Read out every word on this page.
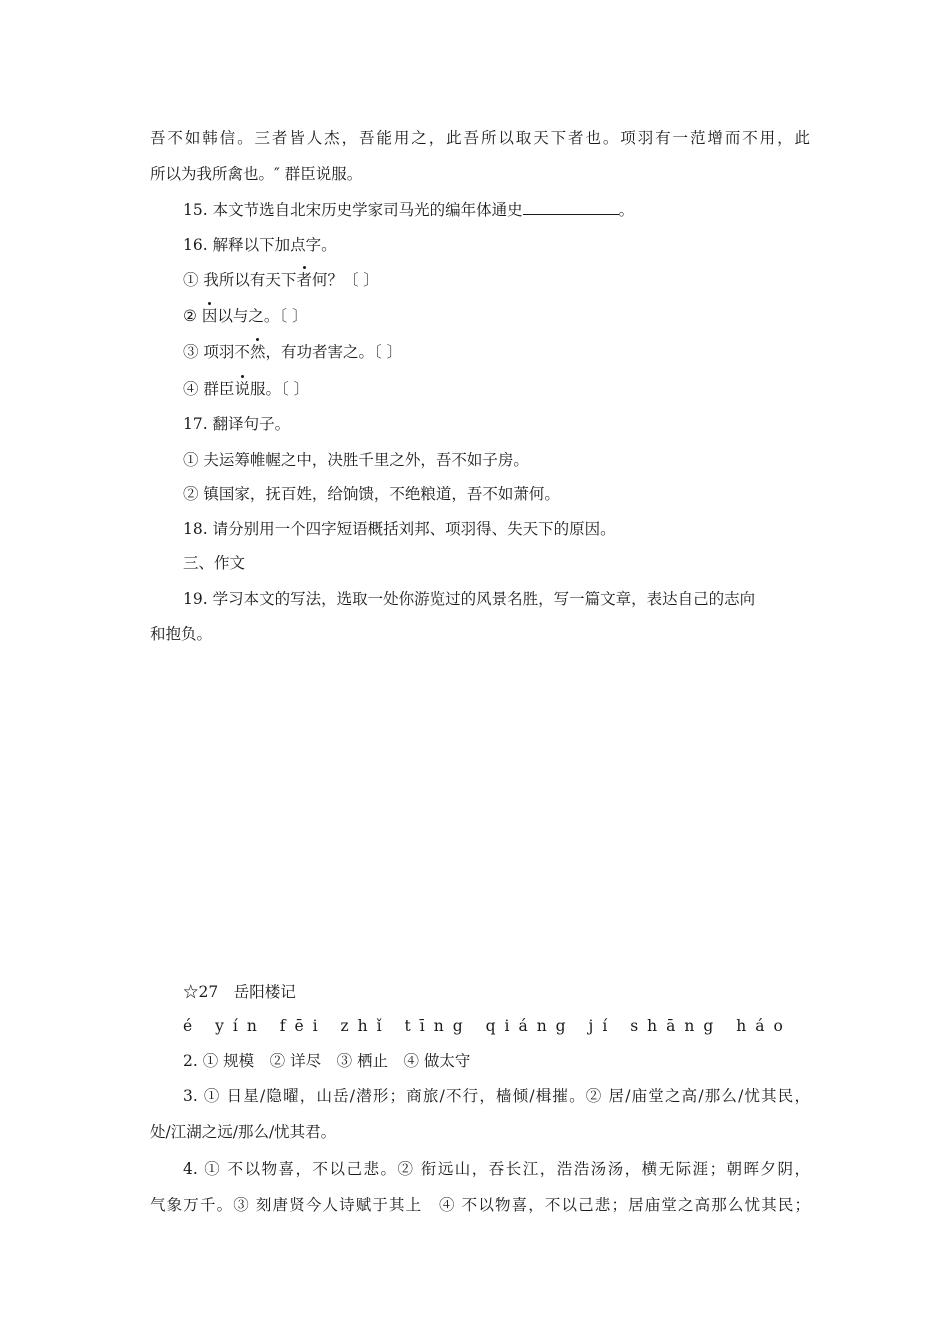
吾不如韩信。三者皆人杰，吾能用之，此吾所以取天下者也。项羽有一范增而不用，此
所以为我所禽也。″ 群臣说服。
15. 本文节选自北宋历史学家司马光的编年体通史	。
16. 解释以下加点字。
① 我所以有天下者何？〔 〕
② 因以与之。〔 〕
③ 项羽不然，有功者害之。〔 〕
④ 群臣说服。〔 〕
17. 翻译句子。
① 夫运筹帷幄之中，决胜千里之外，吾不如子房。
② 镇国家，抚百姓，给饷馈，不绝粮道，吾不如萧何。
18. 请分别用一个四字短语概括刘邦、项羽得、失天下的原因。
三、作文
19. 学习本文的写法，选取一处你游览过的风景名胜，写一篇文章，表达自己的志向
和抱负。
☆27　岳阳楼记
é yín fēi zhǐ tīng qiáng jí shāng háo
2. ① 规模　② 详尽　③ 栖止　④ 做太守
3. ① 日星/隐曜，山岳/潜形；商旅/不行，樯倾/楫摧。② 居/庙堂之高/那么/忧其民，
处/江湖之远/那么/忧其君。
4. ① 不以物喜，不以己悲。② 衔远山，吞长江，浩浩汤汤，横无际涯；朝晖夕阴，
气象万千。③ 刻唐贤今人诗赋于其上　④ 不以物喜，不以己悲；居庙堂之高那么忧其民；
